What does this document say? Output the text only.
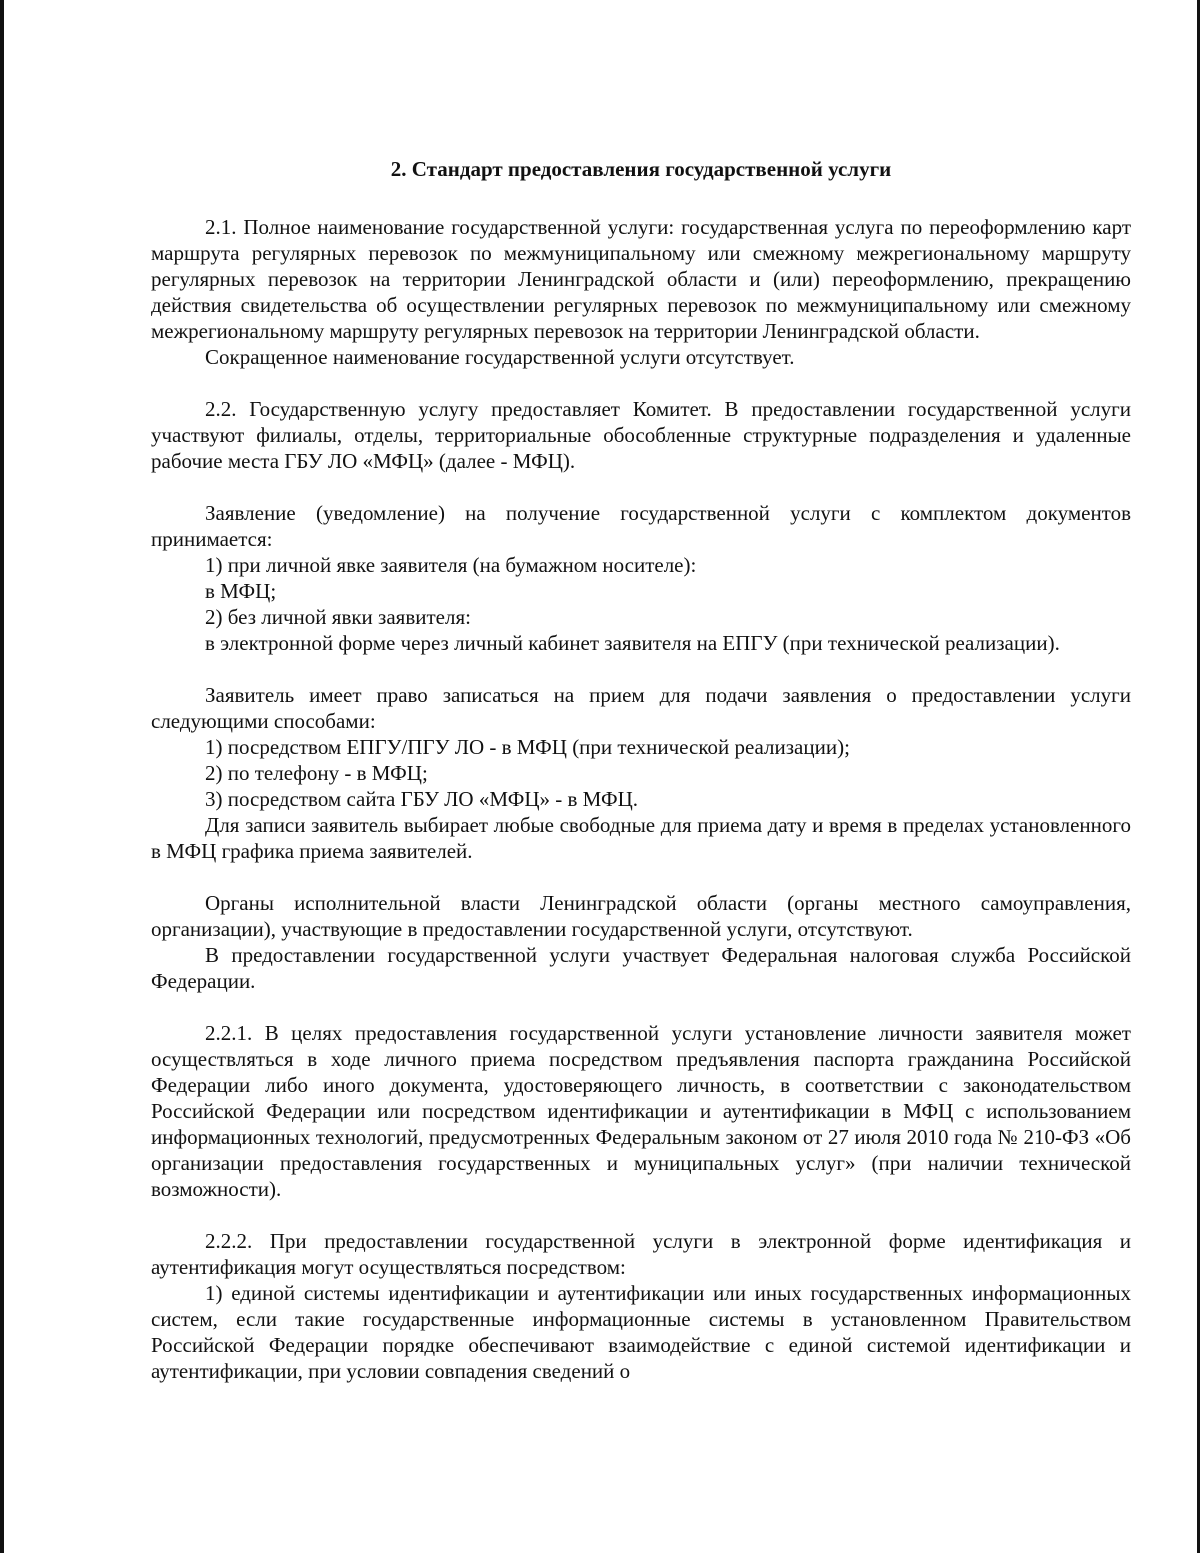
2. Стандарт предоставления государственной услуги

2.1. Полное наименование государственной услуги: государственная услуга по переоформлению карт маршрута регулярных перевозок по межмуниципальному или смежному межрегиональному маршруту регулярных перевозок на территории Ленинградской области и (или) переоформлению, прекращению действия свидетельства об осуществлении регулярных перевозок по межмуниципальному или смежному межрегиональному маршруту регулярных перевозок на территории Ленинградской области.

Сокращенное наименование государственной услуги отсутствует.

2.2. Государственную услугу предоставляет Комитет. В предоставлении государственной услуги участвуют филиалы, отделы, территориальные обособленные структурные подразделения и удаленные рабочие места ГБУ ЛО «МФЦ» (далее - МФЦ).

Заявление (уведомление) на получение государственной услуги с комплектом документов принимается:

1) при личной явке заявителя (на бумажном носителе):

в МФЦ;

2) без личной явки заявителя:

в электронной форме через личный кабинет заявителя на ЕПГУ (при технической реализации).

Заявитель имеет право записаться на прием для подачи заявления о предоставлении услуги следующими способами:

1) посредством ЕПГУ/ПГУ ЛО - в МФЦ (при технической реализации);

2) по телефону - в МФЦ;

3) посредством сайта ГБУ ЛО «МФЦ» - в МФЦ.

Для записи заявитель выбирает любые свободные для приема дату и время в пределах установленного в МФЦ графика приема заявителей.

Органы исполнительной власти Ленинградской области (органы местного самоуправления, организации), участвующие в предоставлении государственной услуги, отсутствуют.

В предоставлении государственной услуги участвует Федеральная налоговая служба Российской Федерации.

2.2.1. В целях предоставления государственной услуги установление личности заявителя может осуществляться в ходе личного приема посредством предъявления паспорта гражданина Российской Федерации либо иного документа, удостоверяющего личность, в соответствии с законодательством Российской Федерации или посредством идентификации и аутентификации в МФЦ с использованием информационных технологий, предусмотренных Федеральным законом от 27 июля 2010 года № 210-ФЗ «Об организации предоставления государственных и муниципальных услуг» (при наличии технической возможности).

2.2.2. При предоставлении государственной услуги в электронной форме идентификация и аутентификация могут осуществляться посредством:

1) единой системы идентификации и аутентификации или иных государственных информационных систем, если такие государственные информационные системы в установленном Правительством Российской Федерации порядке обеспечивают взаимодействие с единой системой идентификации и аутентификации, при условии совпадения сведений о
